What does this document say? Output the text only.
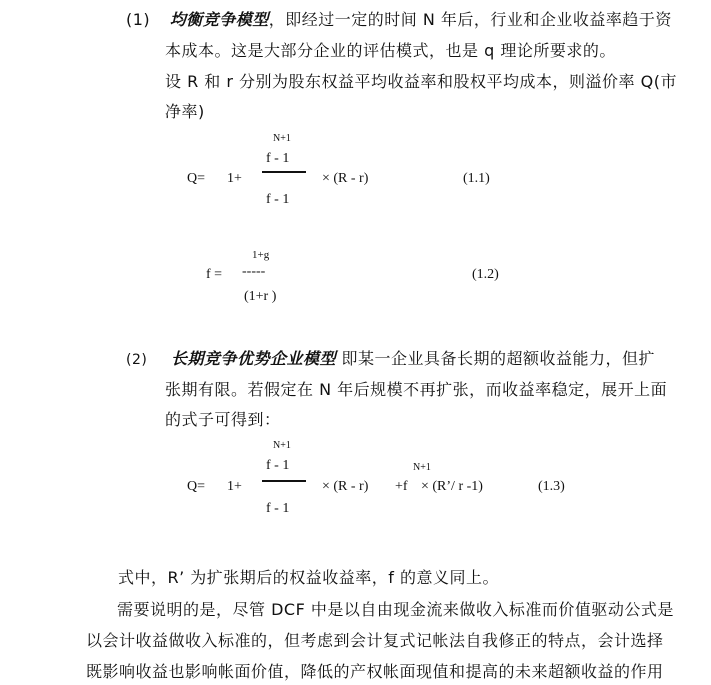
(1) 均衡竞争模型，即经过一定的时间 N 年后，行业和企业收益率趋于资
本成本。这是大部分企业的评估模式，也是 q 理论所要求的。
设 R 和 r 分别为股东权益平均收益率和股权平均成本，则溢价率 Q(市
净率)
Q= 1+
N+1
f - 1
f - 1
× (R - r)	(1.1)
f =
1+g
-----
(1+r )
(1.2)
(2) 长期竞争优势企业模型 即某一企业具备长期的超额收益能力，但扩
张期有限。若假定在 N 年后规模不再扩张，而收益率稳定，展开上面
的式子可得到：
Q= 1+
N+1
f - 1
f - 1
× (R - r)
N+1
+f × (R’/ r -1)	(1.3)
式中，R’ 为扩张期后的权益收益率，f 的意义同上。
需要说明的是，尽管 DCF 中是以自由现金流来做收入标准而价值驱动公式是
以会计收益做收入标准的，但考虑到会计复式记帐法自我修正的特点，会计选择
既影响收益也影响帐面价值，降低的产权帐面现值和提高的未来超额收益的作用
